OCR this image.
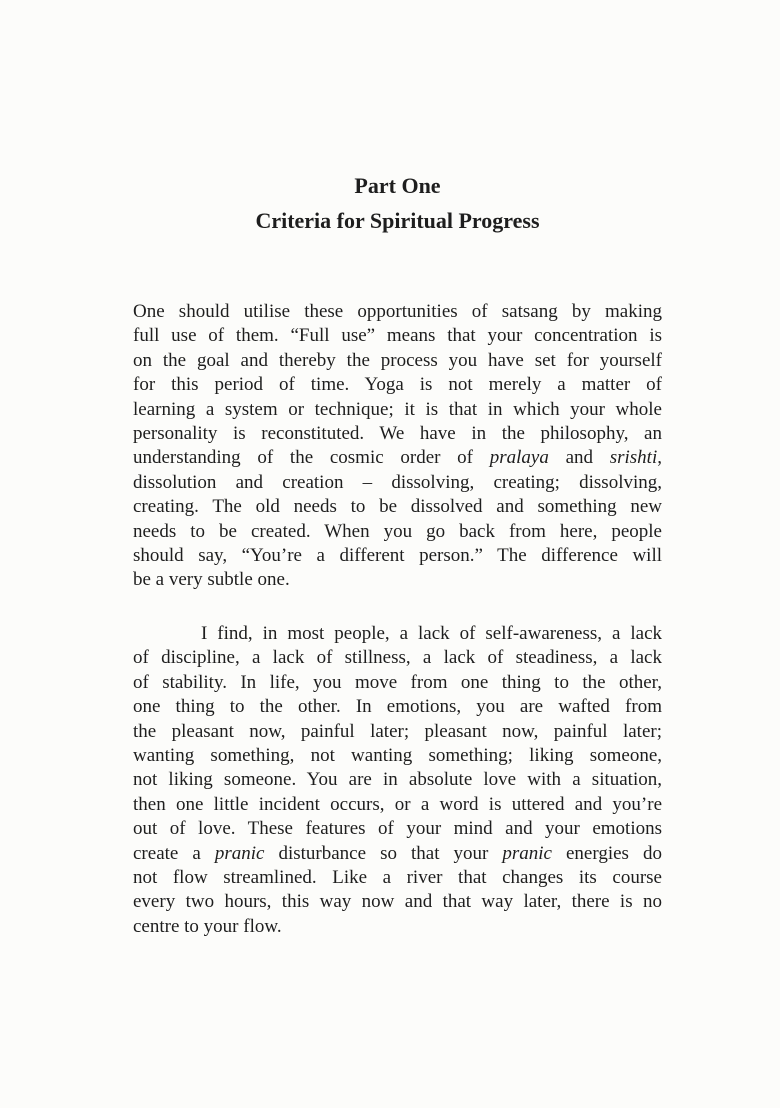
Part One
Criteria for Spiritual Progress
One should utilise these opportunities of satsang by making
full use of them. “Full use” means that your concentration is
on the goal and thereby the process you have set for yourself
for this period of time. Yoga is not merely a matter of
learning a system or technique; it is that in which your whole
personality is reconstituted. We have in the philosophy, an
understanding of the cosmic order of pralaya and srishti,
dissolution and creation – dissolving, creating; dissolving,
creating. The old needs to be dissolved and something new
needs to be created. When you go back from here, people
should say, “You’re a different person.” The difference will
be a very subtle one.
I find, in most people, a lack of self-awareness, a lack
of discipline, a lack of stillness, a lack of steadiness, a lack
of stability. In life, you move from one thing to the other,
one thing to the other. In emotions, you are wafted from
the pleasant now, painful later; pleasant now, painful later;
wanting something, not wanting something; liking someone,
not liking someone. You are in absolute love with a situation,
then one little incident occurs, or a word is uttered and you’re
out of love. These features of your mind and your emotions
create a pranic disturbance so that your pranic energies do
not flow streamlined. Like a river that changes its course
every two hours, this way now and that way later, there is no
centre to your flow.
